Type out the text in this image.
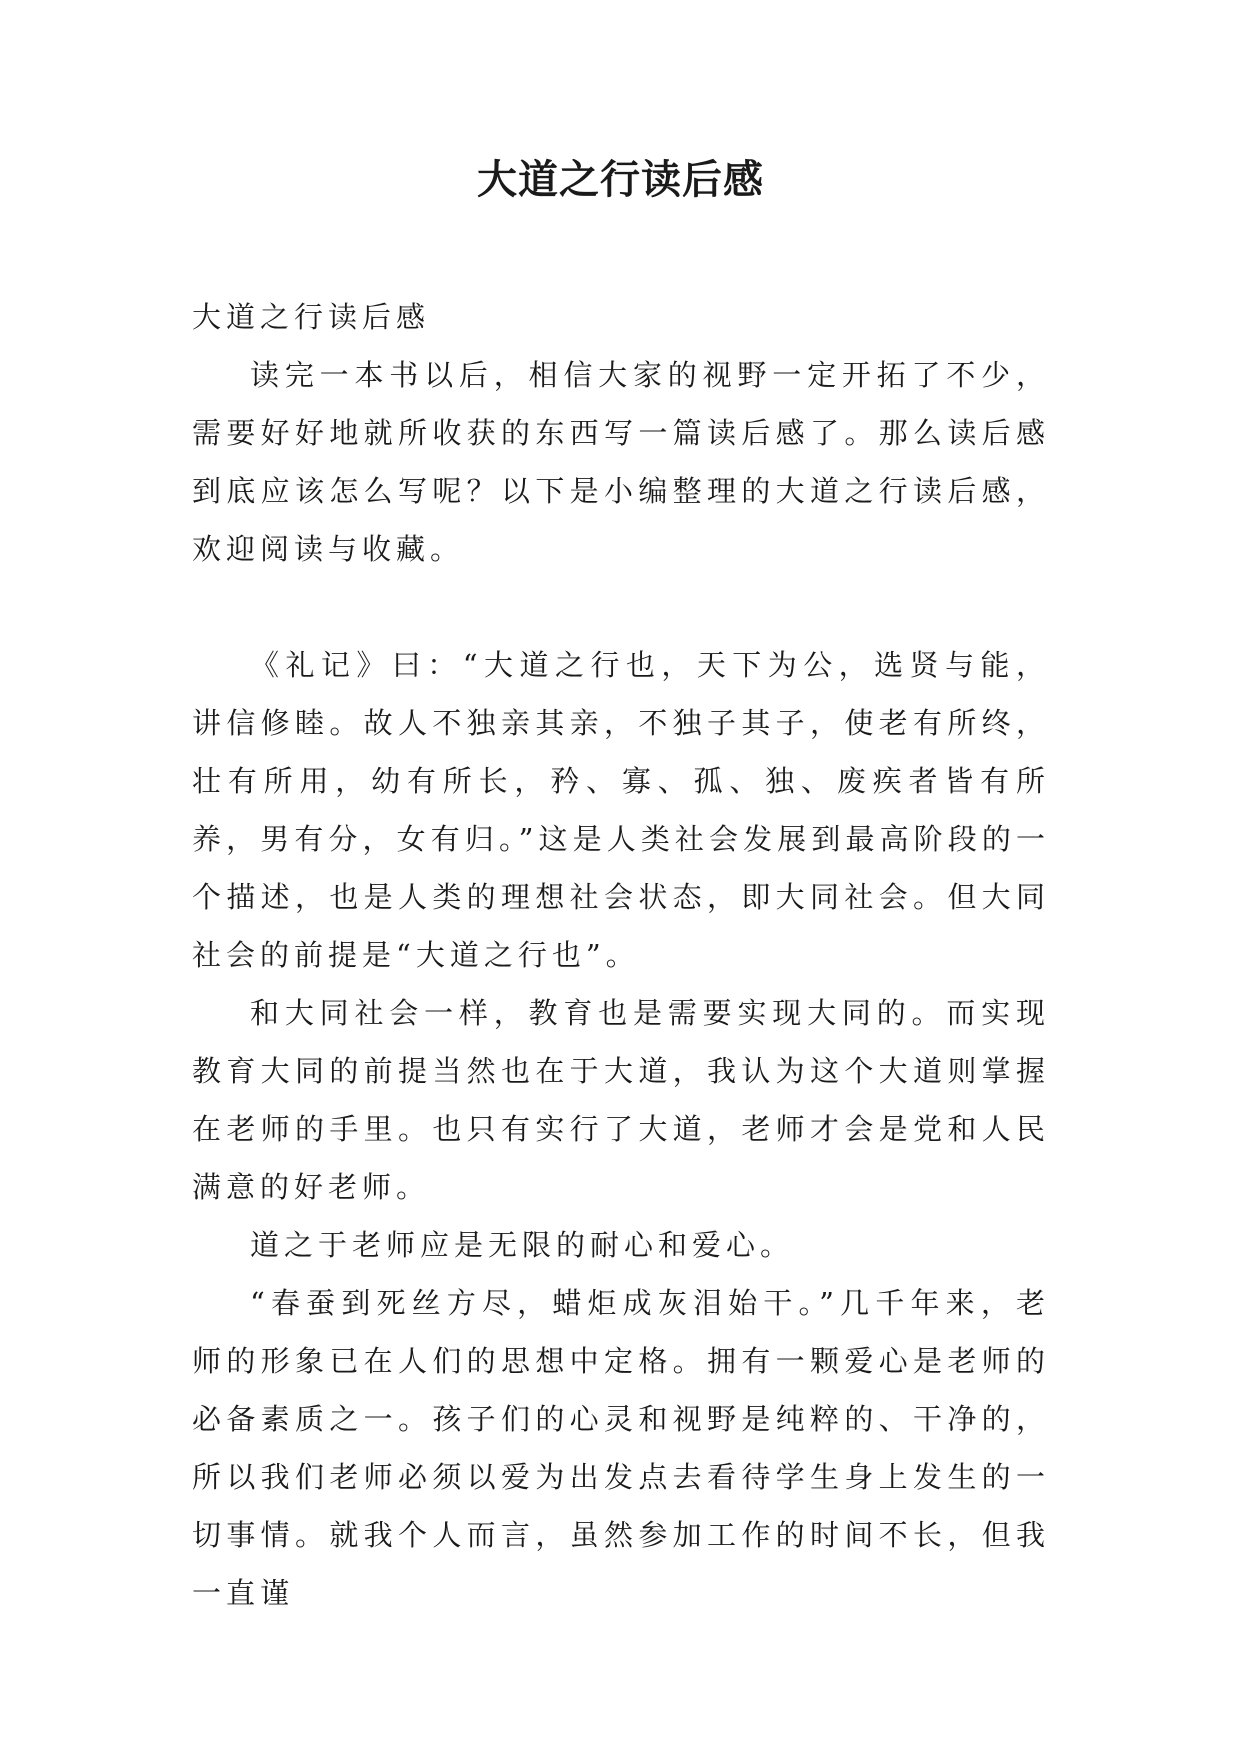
大道之行读后感

大道之行读后感

读完一本书以后，相信大家的视野一定开拓了不少，需要好好地就所收获的东西写一篇读后感了。那么读后感到底应该怎么写呢？以下是小编整理的大道之行读后感，欢迎阅读与收藏。

《礼记》曰：“大道之行也，天下为公，选贤与能，讲信修睦。故人不独亲其亲，不独子其子，使老有所终，壮有所用，幼有所长，矜、寡、孤、独、废疾者皆有所养，男有分，女有归。”这是人类社会发展到最高阶段的一个描述，也是人类的理想社会状态，即大同社会。但大同社会的前提是“大道之行也”。

和大同社会一样，教育也是需要实现大同的。而实现教育大同的前提当然也在于大道，我认为这个大道则掌握在老师的手里。也只有实行了大道，老师才会是党和人民满意的好老师。

道之于老师应是无限的耐心和爱心。

“春蚕到死丝方尽，蜡炬成灰泪始干。”几千年来，老师的形象已在人们的思想中定格。拥有一颗爱心是老师的必备素质之一。孩子们的心灵和视野是纯粹的、干净的，所以我们老师必须以爱为出发点去看待学生身上发生的一切事情。就我个人而言，虽然参加工作的时间不长，但我一直谨
